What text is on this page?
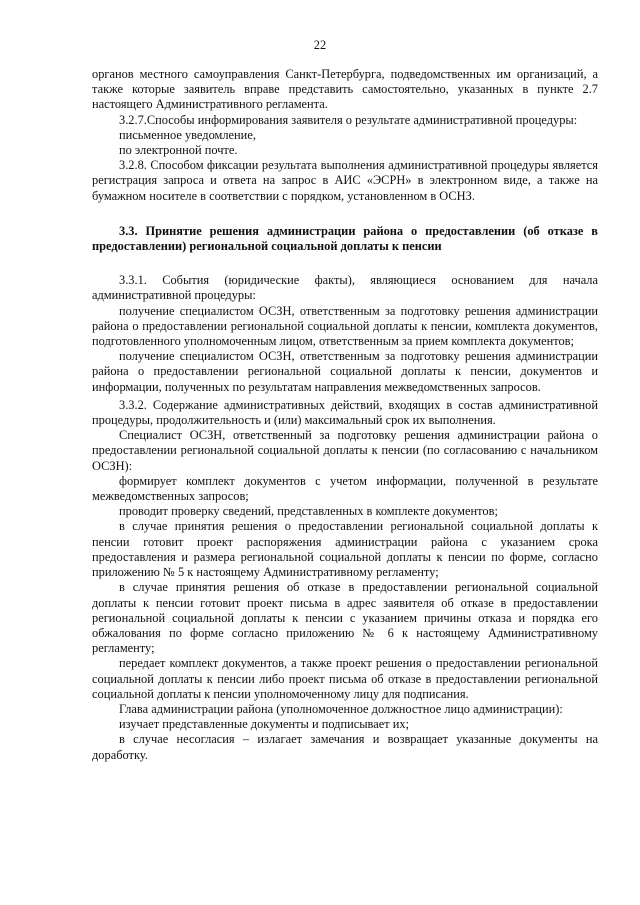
22

органов местного самоуправления Санкт-Петербурга, подведомственных им организаций, а также которые заявитель вправе представить самостоятельно, указанных в пункте 2.7 настоящего Административного регламента.

3.2.7.Способы информирования заявителя о результате административной процедуры:

письменное уведомление,

по электронной почте.

3.2.8. Способом фиксации результата выполнения административной процедуры является регистрация запроса и ответа на запрос в АИС «ЭСРН» в электронном виде, а также на бумажном носителе в соответствии с порядком, установленном в ОСНЗ.

3.3. Принятие решения администрации района о предоставлении (об отказе в предоставлении) региональной социальной доплаты к пенсии

3.3.1. События (юридические факты), являющиеся основанием для начала административной процедуры:

получение специалистом ОСЗН, ответственным за подготовку решения администрации района о предоставлении региональной социальной доплаты к пенсии, комплекта документов, подготовленного уполномоченным лицом, ответственным за прием комплекта документов;

получение специалистом ОСЗН, ответственным за подготовку решения администрации района о предоставлении региональной социальной доплаты к пенсии, документов и информации, полученных по результатам направления межведомственных запросов.

3.3.2. Содержание административных действий, входящих в состав административной процедуры, продолжительность и (или) максимальный срок их выполнения.

Специалист ОСЗН, ответственный за подготовку решения администрации района о предоставлении региональной социальной доплаты к пенсии (по согласованию с начальником ОСЗН):

формирует комплект документов с учетом информации, полученной в результате межведомственных запросов;

проводит проверку сведений, представленных в комплекте документов;

в случае принятия решения о предоставлении региональной социальной доплаты к пенсии готовит проект распоряжения администрации района с указанием срока предоставления и размера региональной социальной доплаты к пенсии по форме, согласно приложению № 5 к настоящему Административному регламенту;

в случае принятия решения об отказе в предоставлении региональной социальной доплаты к пенсии готовит проект письма в адрес заявителя об отказе в предоставлении региональной социальной доплаты к пенсии с указанием причины отказа и порядка его обжалования по форме согласно приложению № 6 к настоящему Административному регламенту;

передает комплект документов, а также проект решения о предоставлении региональной социальной доплаты к пенсии либо проект письма об отказе в предоставлении региональной социальной доплаты к пенсии уполномоченному лицу для подписания.

Глава администрации района (уполномоченное должностное лицо администрации):

изучает представленные документы и подписывает их;

в случае несогласия – излагает замечания и возвращает указанные документы на доработку.
